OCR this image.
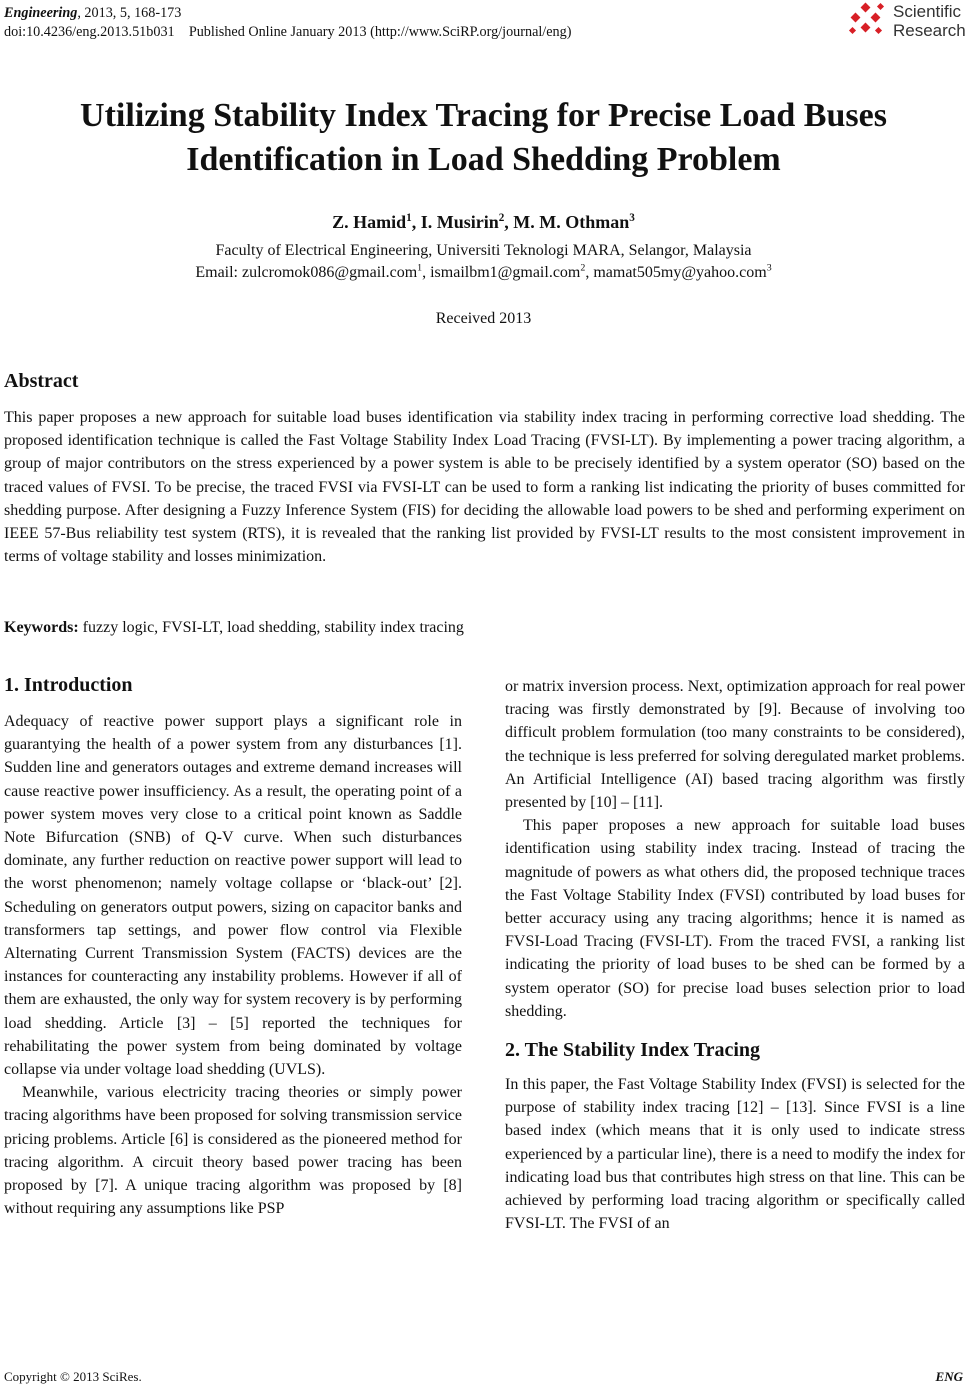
Engineering, 2013, 5, 168-173
doi:10.4236/eng.2013.51b031    Published Online January 2013 (http://www.SciRP.org/journal/eng)
Scientific
Research
Utilizing Stability Index Tracing for Precise Load Buses
Identification in Load Shedding Problem
Z. Hamid$^1$, I. Musirin$^2$, M. M. Othman$^3$
Faculty of Electrical Engineering, Universiti Teknologi MARA, Selangor, Malaysia
Email: zulcromok086@gmail.com$^1$, ismailbm1@gmail.com$^2$, mamat505my@yahoo.com$^3$
Received 2013
Abstract
This paper proposes a new approach for suitable load buses identification via stability index tracing in performing corrective load shedding. The proposed identification technique is called the Fast Voltage Stability Index Load Tracing (FVSI-LT). By implementing a power tracing algorithm, a group of major contributors on the stress experienced by a power system is able to be precisely identified by a system operator (SO) based on the traced values of FVSI. To be precise, the traced FVSI via FVSI-LT can be used to form a ranking list indicating the priority of buses committed for shedding purpose. After designing a Fuzzy Inference System (FIS) for deciding the allowable load powers to be shed and performing experiment on IEEE 57-Bus reliability test system (RTS), it is revealed that the ranking list provided by FVSI-LT results to the most consistent improvement in terms of voltage stability and losses minimization.
Keywords: fuzzy logic, FVSI-LT, load shedding, stability index tracing
1. Introduction

Adequacy of reactive power support plays a significant role in guarantying the health of a power system from any disturbances [1]. Sudden line and generators outages and extreme demand increases will cause reactive power insufficiency. As a result, the operating point of a power system moves very close to a critical point known as Saddle Note Bifurcation (SNB) of Q-V curve. When such disturbances dominate, any further reduction on reactive power support will lead to the worst phenomenon; namely voltage collapse or ‘black-out’ [2]. Scheduling on generators output powers, sizing on capacitor banks and transformers tap settings, and power flow control via Flexible Alternating Current Transmission System (FACTS) devices are the instances for counteracting any instability problems. However if all of them are exhausted, the only way for system recovery is by performing load shedding. Article [3] – [5] reported the techniques for rehabilitating the power system from being dominated by voltage collapse via under voltage load shedding (UVLS).

Meanwhile, various electricity tracing theories or simply power tracing algorithms have been proposed for solving transmission service pricing problems. Article [6] is considered as the pioneered method for tracing algorithm. A circuit theory based power tracing has been proposed by [7]. A unique tracing algorithm was proposed by [8] without requiring any assumptions like PSP

or matrix inversion process. Next, optimization approach for real power tracing was firstly demonstrated by [9]. Because of involving too difficult problem formulation (too many constraints to be considered), the technique is less preferred for solving deregulated market problems. An Artificial Intelligence (AI) based tracing algorithm was firstly presented by [10] – [11].

This paper proposes a new approach for suitable load buses identification using stability index tracing. Instead of tracing the magnitude of powers as what others did, the proposed technique traces the Fast Voltage Stability Index (FVSI) contributed by load buses for better accuracy using any tracing algorithms; hence it is named as FVSI-Load Tracing (FVSI-LT). From the traced FVSI, a ranking list indicating the priority of load buses to be shed can be formed by a system operator (SO) for precise load buses selection prior to load shedding.

2. The Stability Index Tracing

In this paper, the Fast Voltage Stability Index (FVSI) is selected for the purpose of stability index tracing [12] – [13]. Since FVSI is a line based index (which means that it is only used to indicate stress experienced by a particular line), there is a need to modify the index for indicating load bus that contributes high stress on that line. This can be achieved by performing load tracing algorithm or specifically called FVSI-LT. The FVSI of an

Copyright © 2013 SciRes.	ENG
